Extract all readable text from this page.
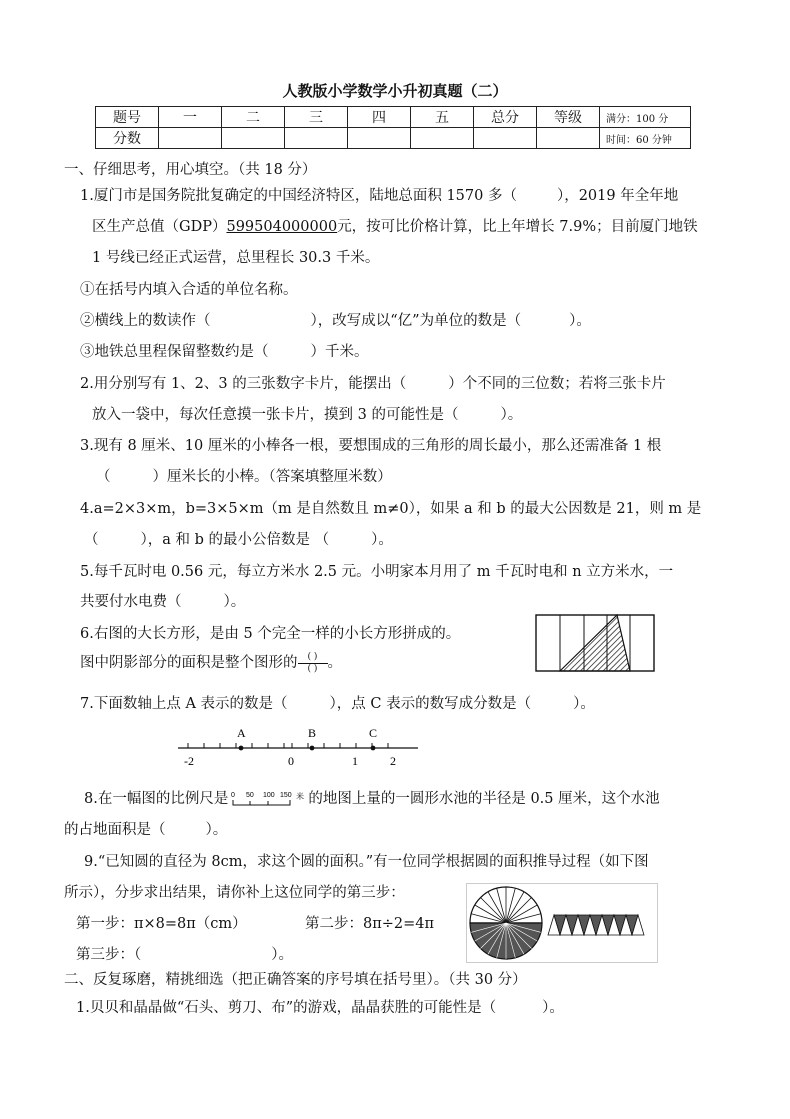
人教版小学数学小升初真题（二）
题号	一	二	三	四	五	总分	等级	满分：100 分
分数								时间：60 分钟
一、仔细思考，用心填空。（共 18 分）
1.厦门市是国务院批复确定的中国经济特区，陆地总面积 1570 多（	），2019 年全年地
区生产总值（GDP）599504000000元，按可比价格计算，比上年增长 7.9%；目前厦门地铁
1 号线已经正式运营，总里程长 30.3 千米。
①在括号内填入合适的单位名称。
②横线上的数读作（	），改写成以“亿”为单位的数是（	）。
③地铁总里程保留整数约是（	）千米。
2.用分别写有 1、2、3 的三张数字卡片，能摆出（	）个不同的三位数；若将三张卡片
放入一袋中，每次任意摸一张卡片，摸到 3 的可能性是（	）。
3.现有 8 厘米、10 厘米的小棒各一根，要想围成的三角形的周长最小，那么还需准备 1 根
（	）厘米长的小棒。（答案填整厘米数）
4.a=2×3×m，b=3×5×m（m 是自然数且 m≠0），如果 a 和 b 的最大公因数是 21，则 m 是
（	），a 和 b 的最小公倍数是 （	）。
5.每千瓦时电 0.56 元，每立方米水 2.5 元。小明家本月用了 m 千瓦时电和 n 立方米水，一
共要付水电费（	）。
6.右图的大长方形，是由 5 个完全一样的小长方形拼成的。
图中阴影部分的面积是整个图形的$\frac{( )}{( )}$。
7.下面数轴上点 A 表示的数是（	），点 C 表示的数写成分数是（	）。
A	B	C
-2	0	1	2
8.在一幅图的比例尺是 0 50 100 150 米 的地图上量的一圆形水池的半径是 0.5 厘米，这个水池
的占地面积是（	）。
9.“已知圆的直径为 8cm，求这个圆的面积。”有一位同学根据圆的面积推导过程（如下图
所示），分步求出结果，请你补上这位同学的第三步：
第一步：π×8=8π（cm）	第二步：8π÷2=4π
第三步：（	）。
二、反复琢磨，精挑细选（把正确答案的序号填在括号里）。（共 30 分）
1.贝贝和晶晶做“石头、剪刀、布”的游戏，晶晶获胜的可能性是（	）。
